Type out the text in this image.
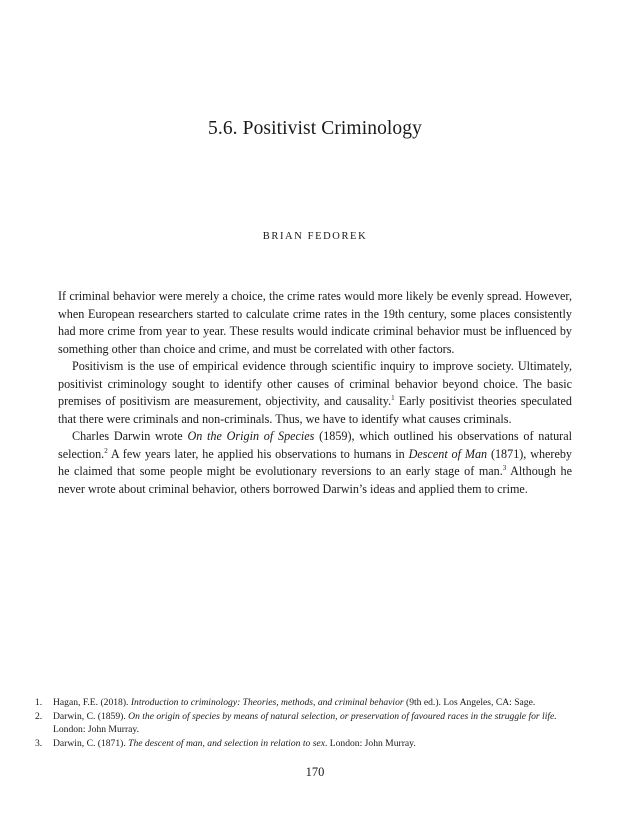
5.6. Positivist Criminology

BRIAN FEDOREK

If criminal behavior were merely a choice, the crime rates would more likely be evenly spread. However, when European researchers started to calculate crime rates in the 19th century, some places consistently had more crime from year to year. These results would indicate criminal behavior must be influenced by something other than choice and crime, and must be correlated with other factors.

Positivism is the use of empirical evidence through scientific inquiry to improve society. Ultimately, positivist criminology sought to identify other causes of criminal behavior beyond choice. The basic premises of positivism are measurement, objectivity, and causality.$^1$ Early positivist theories speculated that there were criminals and non-criminals. Thus, we have to identify what causes criminals.

Charles Darwin wrote On the Origin of Species (1859), which outlined his observations of natural selection.$^2$ A few years later, he applied his observations to humans in Descent of Man (1871), whereby he claimed that some people might be evolutionary reversions to an early stage of man.$^3$ Although he never wrote about criminal behavior, others borrowed Darwin’s ideas and applied them to crime.

1.	Hagan, F.E. (2018). Introduction to criminology: Theories, methods, and criminal behavior (9th ed.). Los Angeles, CA: Sage.
2.	Darwin, C. (1859). On the origin of species by means of natural selection, or preservation of favoured races in the struggle for life. London: John Murray.
3.	Darwin, C. (1871). The descent of man, and selection in relation to sex. London: John Murray.
170
